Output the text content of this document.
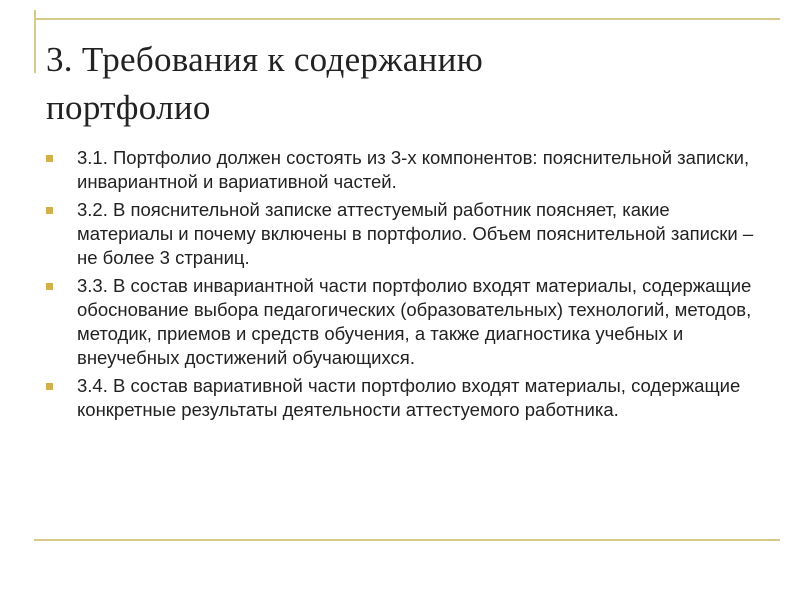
3. Требования к содержанию
портфолио
3.1. Портфолио должен состоять из 3-х компонентов: пояснительной записки, инвариантной и вариативной частей.
3.2. В пояснительной записке аттестуемый работник поясняет, какие материалы и почему включены в портфолио. Объем пояснительной записки – не более 3 страниц.
3.3. В состав инвариантной части портфолио входят материалы, содержащие обоснование выбора педагогических (образовательных) технологий, методов, методик, приемов и средств обучения, а также диагностика учебных и внеучебных достижений обучающихся.
3.4. В состав вариативной части портфолио входят материалы, содержащие конкретные результаты деятельности аттестуемого работника.
